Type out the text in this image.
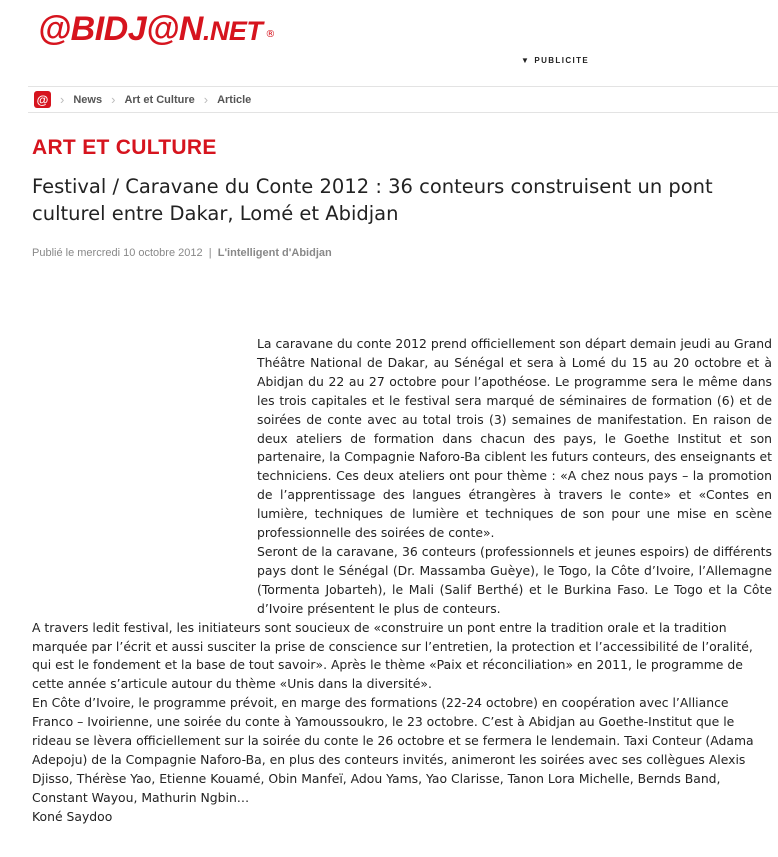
@BIDJ@N.NET ®
▼ PUBLICITE
@ › News › Art et Culture › Article
ART ET CULTURE
Festival / Caravane du Conte 2012 : 36 conteurs construisent un pont culturel entre Dakar, Lomé et Abidjan
Publié le mercredi 10 octobre 2012 | L'intelligent d'Abidjan

La caravane du conte 2012 prend officiellement son départ demain jeudi au Grand Théâtre National de Dakar, au Sénégal et sera à Lomé du 15 au 20 octobre et à Abidjan du 22 au 27 octobre pour l’apothéose. Le programme sera le même dans les trois capitales et le festival sera marqué de séminaires de formation (6) et de soirées de conte avec au total trois (3) semaines de manifestation. En raison de deux ateliers de formation dans chacun des pays, le Goethe Institut et son partenaire, la Compagnie Naforo-Ba ciblent les futurs conteurs, des enseignants et techniciens. Ces deux ateliers ont pour thème : «A chez nous pays – la promotion de l’apprentissage des langues étrangères à travers le conte» et «Contes en lumière, techniques de lumière et techniques de son pour une mise en scène professionnelle des soirées de conte».

Seront de la caravane, 36 conteurs (professionnels et jeunes espoirs) de différents pays dont le Sénégal (Dr. Massamba Guèye), le Togo, la Côte d’Ivoire, l’Allemagne (Tormenta Jobarteh), le Mali (Salif Berthé) et le Burkina Faso. Le Togo et la Côte d’Ivoire présentent le plus de conteurs.

A travers ledit festival, les initiateurs sont soucieux de «construire un pont entre la tradition orale et la tradition marquée par l’écrit et aussi susciter la prise de conscience sur l’entretien, la protection et l’accessibilité de l’oralité, qui est le fondement et la base de tout savoir». Après le thème «Paix et réconciliation» en 2011, le programme de cette année s’articule autour du thème «Unis dans la diversité».

En Côte d’Ivoire, le programme prévoit, en marge des formations (22-24 octobre) en coopération avec l’Alliance Franco – Ivoirienne, une soirée du conte à Yamoussoukro, le 23 octobre. C’est à Abidjan au Goethe-Institut que le rideau se lèvera officiellement sur la soirée du conte le 26 octobre et se fermera le lendemain. Taxi Conteur (Adama Adepoju) de la Compagnie Naforo-Ba, en plus des conteurs invités, animeront les soirées avec ses collègues Alexis Djisso, Thérèse Yao, Etienne Kouamé, Obin Manfeï, Adou Yams, Yao Clarisse, Tanon Lora Michelle, Bernds Band, Constant Wayou, Mathurin Ngbin…

Koné Saydoo
